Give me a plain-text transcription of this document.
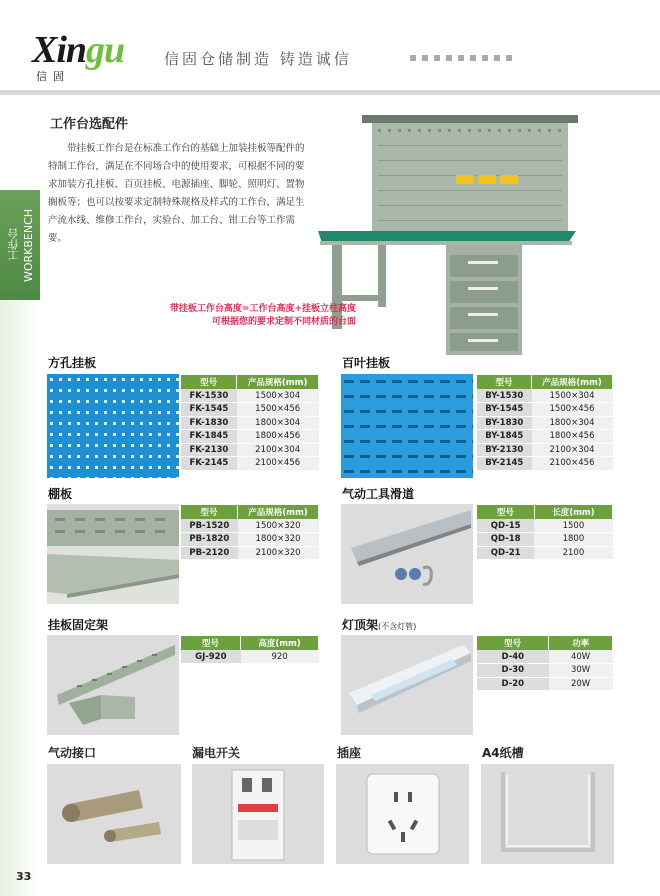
Xingu
信固
信固仓储制造 铸造诚信
工作台 WORKBENCH
工作台选配件
带挂板工作台是在标准工作台的基础上加装挂板等配件的特制工作台，满足在不同场合中的使用要求，可根据不同的要求加装方孔挂板、百页挂板、电源插座、脚轮、照明灯、置物搁板等；也可以按要求定制特殊规格及样式的工作台，满足生产流水线、维修工作台，实验台、加工台、钳工台等工作需要。
带挂板工作台高度=工作台高度+挂板立柱高度
可根据您的要求定制不同材质的台面
方孔挂板
型号	产品规格(mm)
FK-1530	1500×304
FK-1545	1500×456
FK-1830	1800×304
FK-1845	1800×456
FK-2130	2100×304
FK-2145	2100×456
百叶挂板
型号	产品规格(mm)
BY-1530	1500×304
BY-1545	1500×456
BY-1830	1800×304
BY-1845	1800×456
BY-2130	2100×304
BY-2145	2100×456
棚板
型号	产品规格(mm)
PB-1520	1500×320
PB-1820	1800×320
PB-2120	2100×320
气动工具滑道
型号	长度(mm)
QD-15	1500
QD-18	1800
QD-21	2100
挂板固定架
型号	高度(mm)
GJ-920	920
灯顶架(不含灯管)
型号	功率
D-40	40W
D-30	30W
D-20	20W
气动接口	漏电开关	插座	A4纸槽
33
